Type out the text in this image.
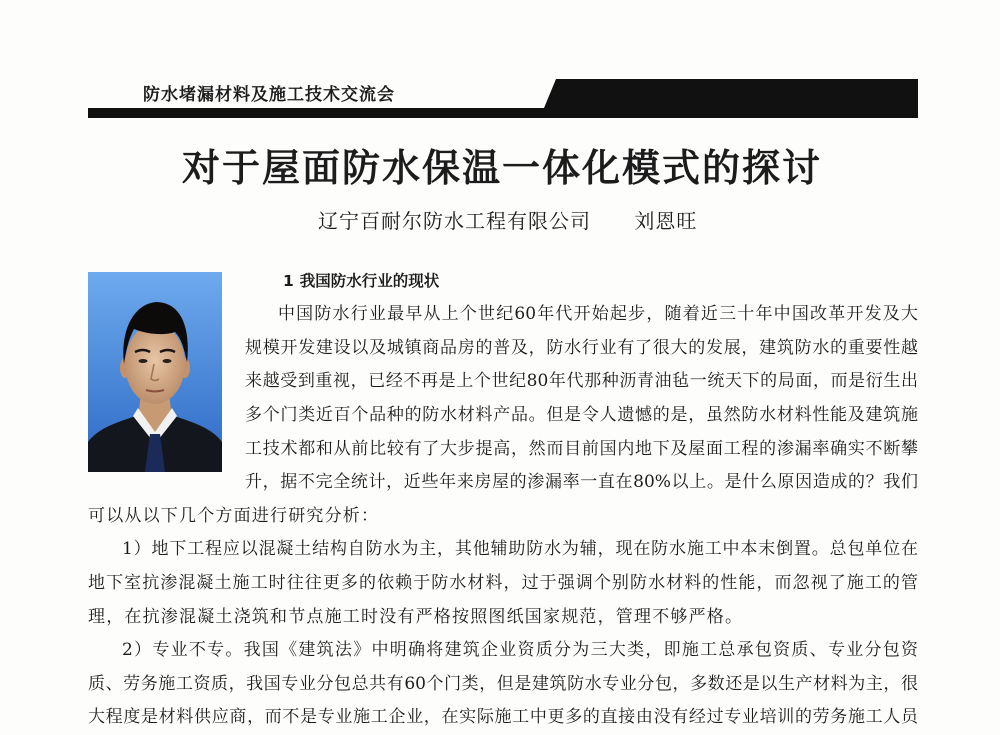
防水堵漏材料及施工技术交流会
对于屋面防水保温一体化模式的探讨
辽宁百耐尔防水工程有限公司 刘恩旺
1 我国防水行业的现状
中国防水行业最早从上个世纪60年代开始起步，随着近三十年中国改革开发及大
规模开发建设以及城镇商品房的普及，防水行业有了很大的发展，建筑防水的重要性越
来越受到重视，已经不再是上个世纪80年代那种沥青油毡一统天下的局面，而是衍生出
多个门类近百个品种的防水材料产品。但是令人遗憾的是，虽然防水材料性能及建筑施
工技术都和从前比较有了大步提高，然而目前国内地下及屋面工程的渗漏率确实不断攀
升，据不完全统计，近些年来房屋的渗漏率一直在80%以上。是什么原因造成的？我们
可以从以下几个方面进行研究分析：
1）地下工程应以混凝土结构自防水为主，其他辅助防水为辅，现在防水施工中本末倒置。总包单位在
地下室抗渗混凝土施工时往往更多的依赖于防水材料，过于强调个别防水材料的性能，而忽视了施工的管
理，在抗渗混凝土浇筑和节点施工时没有严格按照图纸国家规范，管理不够严格。
2）专业不专。我国《建筑法》中明确将建筑企业资质分为三大类，即施工总承包资质、专业分包资
质、劳务施工资质，我国专业分包总共有60个门类，但是建筑防水专业分包，多数还是以生产材料为主，很
大程度是材料供应商，而不是专业施工企业，在实际施工中更多的直接由没有经过专业培训的劳务施工人员
